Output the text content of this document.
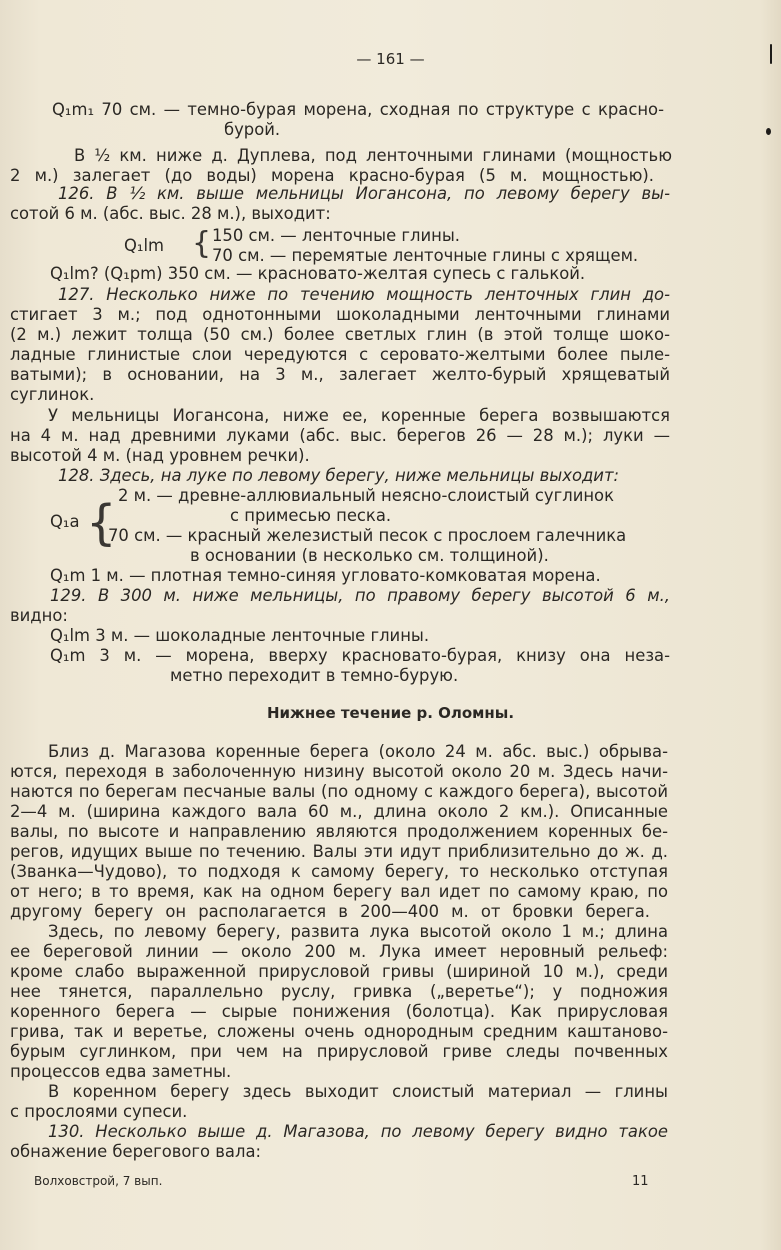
— 161 —
Q₁m₁ 70 см. — темно-бурая морена, сходная по структуре с красно-
бурой.
В ½ км. ниже д. Дуплева, под ленточными глинами (мощностью
2 м.) залегает (до воды) морена красно-бурая (5 м. мощностью).
126. В ½ км. выше мельницы Иогансона, по левому берегу вы-
сотой 6 м. (абс. выс. 28 м.), выходит:
150 см. — ленточные глины.
70 см. — перемятые ленточные глины с хрящем.
Q₁lm {
Q₁lm? (Q₁pm) 350 см. — красновато-желтая супесь с галькой.
127. Несколько ниже по течению мощность ленточных глин до-
стигает 3 м.; под однотонными шоколадными ленточными глинами
(2 м.) лежит толща (50 см.) более светлых глин (в этой толще шоко-
ладные глинистые слои чередуются с серовато-желтыми более пыле-
ватыми); в основании, на 3 м., залегает желто-бурый хрящеватый
суглинок.
У мельницы Иогансона, ниже ее, коренные берега возвышаются
на 4 м. над древними луками (абс. выс. берегов 26 — 28 м.); луки —
высотой 4 м. (над уровнем речки).
128. Здесь, на луке по левому берегу, ниже мельницы выходит:
2 м. — древне-аллювиальный неясно-слоистый суглинок
с примесью песка.
Q₁a {
70 см. — красный железистый песок с прослоем галечника
в основании (в несколько см. толщиной).
Q₁m 1 м. — плотная темно-синяя угловато-комковатая морена.
129. В 300 м. ниже мельницы, по правому берегу высотой 6 м.,
видно:
Q₁lm 3 м. — шоколадные ленточные глины.
Q₁m 3 м. — морена, вверху красновато-бурая, книзу она неза-
метно переходит в темно-бурую.
Нижнее течение р. Оломны.
Близ д. Магазова коренные берега (около 24 м. абс. выс.) обрыва-
ются, переходя в заболоченную низину высотой около 20 м. Здесь начи-
наются по берегам песчаные валы (по одному с каждого берега), высотой
2—4 м. (ширина каждого вала 60 м., длина около 2 км.). Описанные
валы, по высоте и направлению являются продолжением коренных бе-
регов, идущих выше по течению. Валы эти идут приблизительно до ж. д.
(Званка—Чудово), то подходя к самому берегу, то несколько отступая
от него; в то время, как на одном берегу вал идет по самому краю, по
другому берегу он располагается в 200—400 м. от бровки берега.
Здесь, по левому берегу, развита лука высотой около 1 м.; длина
ее береговой линии — около 200 м. Лука имеет неровный рельеф:
кроме слабо выраженной прирусловой гривы (шириной 10 м.), среди
нее тянется, параллельно руслу, гривка („веретье“); у подножия
коренного берега — сырые понижения (болотца). Как прирусловая
грива, так и веретье, сложены очень однородным средним каштаново-
бурым суглинком, при чем на прирусловой гриве следы почвенных
процессов едва заметны.
В коренном берегу здесь выходит слоистый материал — глины
с прослоями супеси.
130. Несколько выше д. Магазова, по левому берегу видно такое
обнажение берегового вала:
Волховстрой, 7 вып.	11
